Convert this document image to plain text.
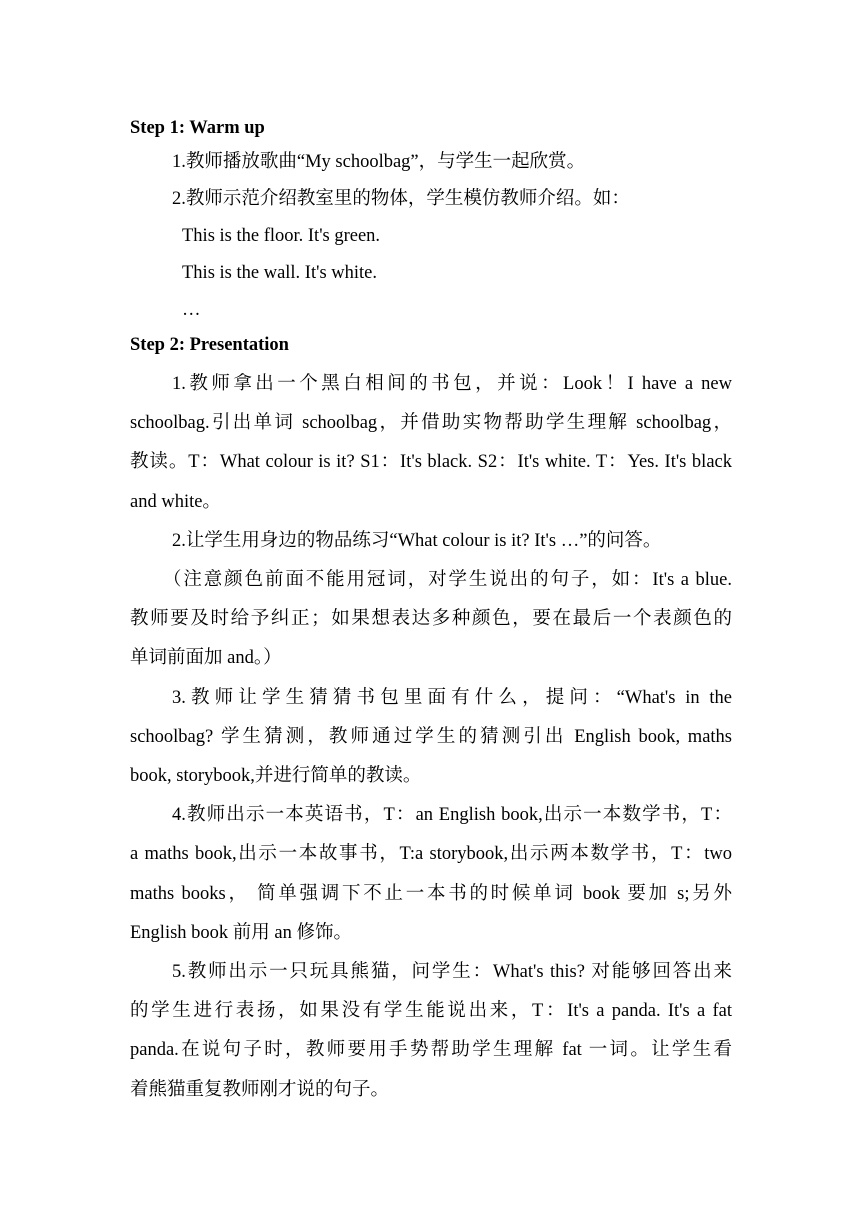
Step 1: Warm up

1.教师播放歌曲“My schoolbag”，与学生一起欣赏。

2.教师示范介绍教室里的物体，学生模仿教师介绍。如：

This is the floor. It's green.

This is the wall. It's white.

…

Step 2: Presentation

1.教师拿出一个黑白相间的书包，并说：Look！I have a new
schoolbag.引出单词 schoolbag，并借助实物帮助学生理解 schoolbag，
教读。T：What colour is it? S1：It's black. S2：It's white. T：Yes. It's black
and white。
2.让学生用身边的物品练习“What colour is it? It's …”的问答。
（注意颜色前面不能用冠词，对学生说出的句子，如：It's a blue.
教师要及时给予纠正；如果想表达多种颜色，要在最后一个表颜色的
单词前面加 and。）
3.教师让学生猜猜书包里面有什么，提问：“What's in the
schoolbag? 学生猜测，教师通过学生的猜测引出 English book, maths
book, storybook,并进行简单的教读。
4.教师出示一本英语书，T：an English book,出示一本数学书，T：
a maths book,出示一本故事书，T:a storybook,出示两本数学书，T：two
maths books， 简单强调下不止一本书的时候单词 book 要加 s;另外
English book 前用 an 修饰。
5.教师出示一只玩具熊猫，问学生：What's this? 对能够回答出来
的学生进行表扬，如果没有学生能说出来，T：It's a panda. It's a fat
panda.在说句子时，教师要用手势帮助学生理解 fat 一词。让学生看
着熊猫重复教师刚才说的句子。
